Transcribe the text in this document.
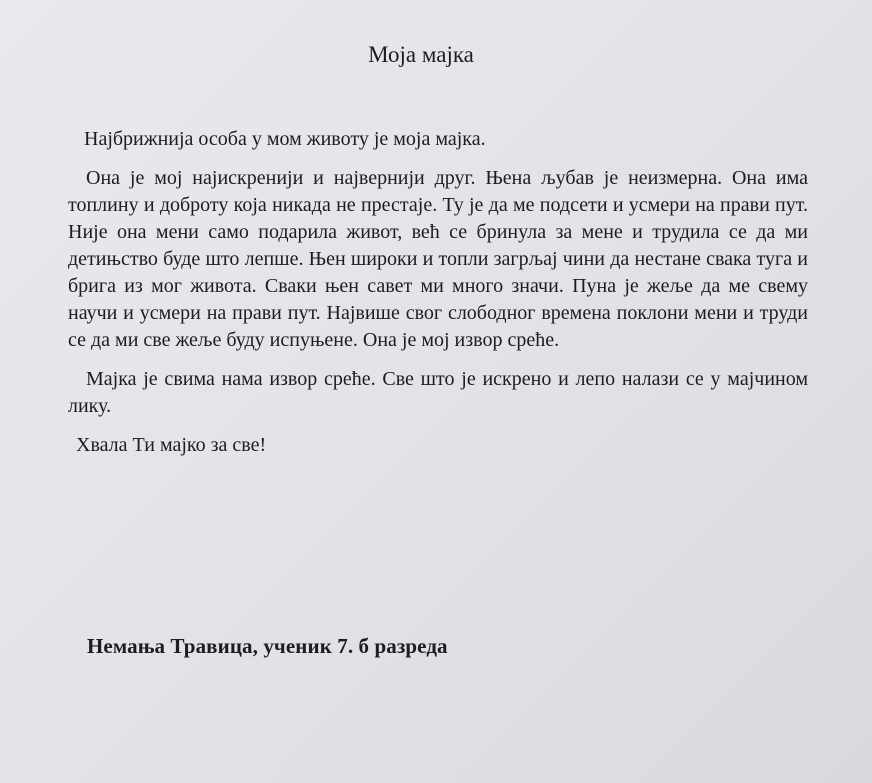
Моја мајка

Најбрижнија особа у мом животу је моја мајка.

Она је мој најискренији и највернији друг. Њена љубав је неизмерна. Она има топлину и доброту која никада не престаје. Ту је да ме подсети и усмери на прави пут. Није она мени само подарила живот, већ се бринула за мене и трудила се да ми детињство буде што лепше. Њен широки и топли загрљај чини да нестане свака туга и брига из мог живота. Сваки њен савет ми много значи. Пуна је жеље да ме свему научи и усмери на прави пут. Највише свог слободног времена поклони мени и труди се да ми све жеље буду испуњене. Она је мој извор среће.

Мајка је свима нама извор среће. Све што је искрено и лепо налази се у мајчином лику.

Хвала Ти мајко за све!

Немања Травица, ученик 7. б разреда
